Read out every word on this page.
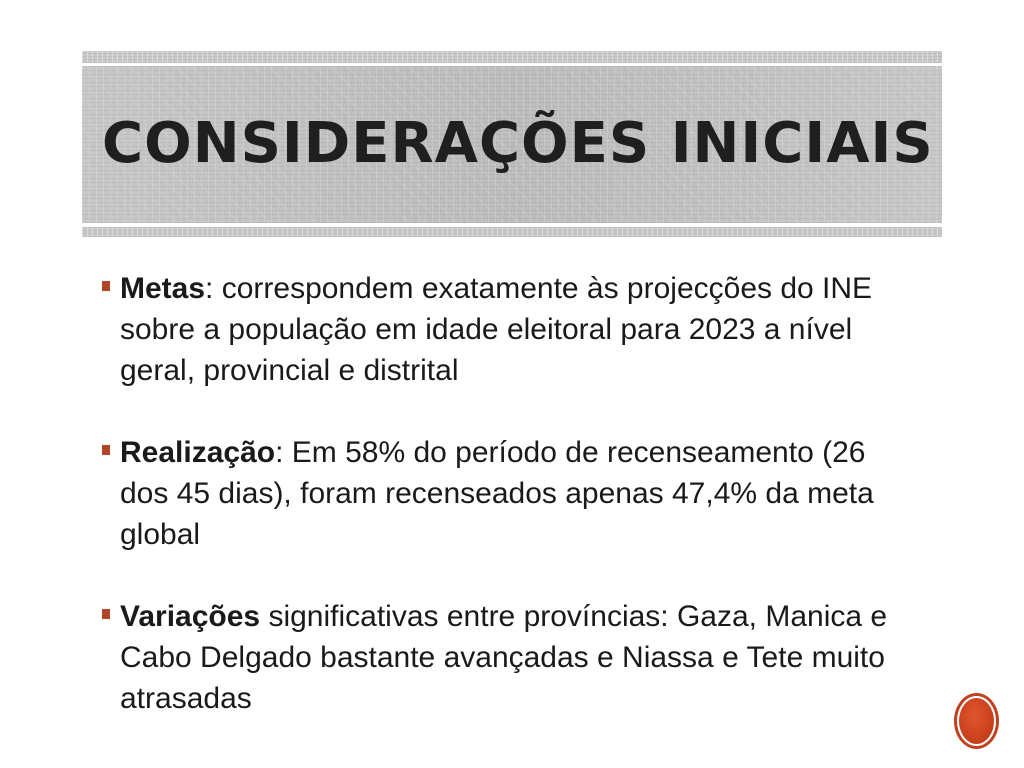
CONSIDERAÇÕES INICIAIS
Metas: correspondem exatamente às projecções do INE sobre a população em idade eleitoral para 2023 a nível geral, provincial e distrital
Realização: Em 58% do período de recenseamento (26 dos 45 dias), foram recenseados apenas 47,4% da meta global
Variações significativas entre províncias: Gaza, Manica e Cabo Delgado bastante avançadas e Niassa e Tete muito atrasadas
